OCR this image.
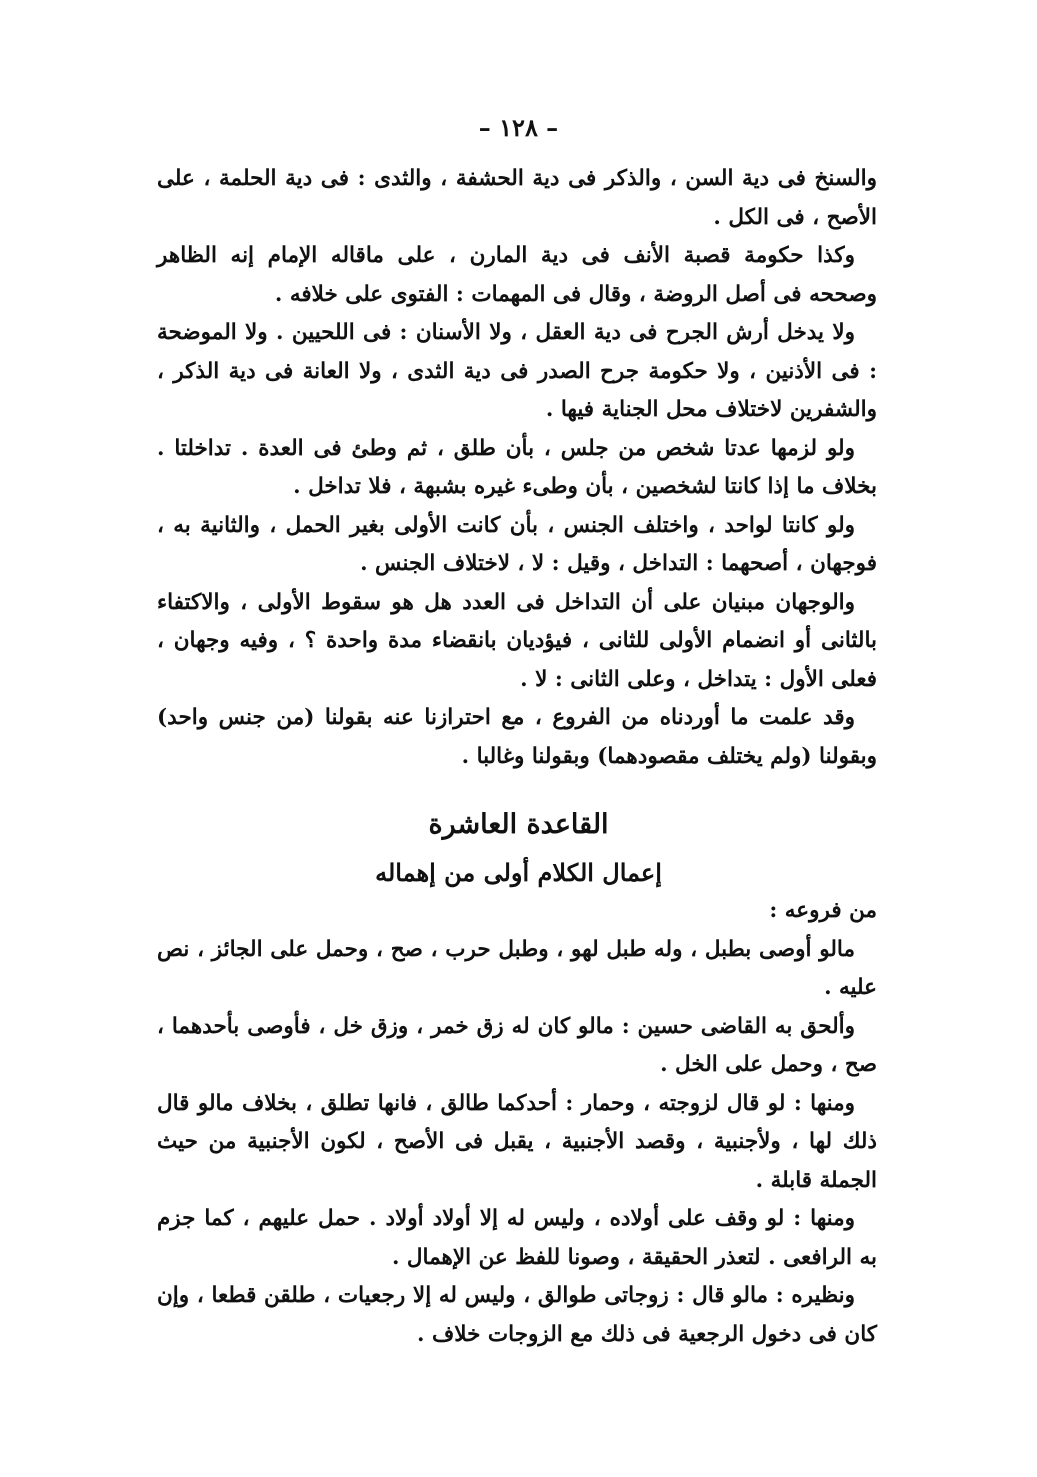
– ١٢٨ –

والسنخ فى دية السن ، والذكر فى دية الحشفة ، والثدى : فى دية الحلمة ، على الأصح ، فى الكل .

وكذا حكومة قصبة الأنف فى دية المارن ، على ماقاله الإمام إنه الظاهر وصححه فى أصل الروضة ، وقال فى المهمات : الفتوى على خلافه .

ولا يدخل أرش الجرح فى دية العقل ، ولا الأسنان : فى اللحيين . ولا الموضحة : فى الأذنين ، ولا حكومة جرح الصدر فى دية الثدى ، ولا العانة فى دية الذكر ، والشفرين لاختلاف محل الجناية فيها .

ولو لزمها عدتا شخص من جلس ، بأن طلق ، ثم وطئ فى العدة . تداخلتا . بخلاف ما إذا كانتا لشخصين ، بأن وطىء غيره بشبهة ، فلا تداخل .

ولو كانتا لواحد ، واختلف الجنس ، بأن كانت الأولى بغير الحمل ، والثانية به ، فوجهان ، أصحهما : التداخل ، وقيل : لا ، لاختلاف الجنس .

والوجهان مبنيان على أن التداخل فى العدد هل هو سقوط الأولى ، والاكتفاء بالثانى أو انضمام الأولى للثانى ، فيؤديان بانقضاء مدة واحدة ؟ ، وفيه وجهان ، فعلى الأول : يتداخل ، وعلى الثانى : لا .

وقد علمت ما أوردناه من الفروع ، مع احترازنا عنه بقولنا (من جنس واحد) وبقولنا (ولم يختلف مقصودهما) وبقولنا وغالبا .

القاعدة العاشرة
إعمال الكلام أولى من إهماله

من فروعه :

مالو أوصى بطبل ، وله طبل لهو ، وطبل حرب ، صح ، وحمل على الجائز ، نص عليه .

وألحق به القاضى حسين : مالو كان له زق خمر ، وزق خل ، فأوصى بأحدهما ، صح ، وحمل على الخل .

ومنها : لو قال لزوجته ، وحمار : أحدكما طالق ، فانها تطلق ، بخلاف مالو قال ذلك لها ، ولأجنبية ، وقصد الأجنبية ، يقبل فى الأصح ، لكون الأجنبية من حيث الجملة قابلة .

ومنها : لو وقف على أولاده ، وليس له إلا أولاد أولاد . حمل عليهم ، كما جزم به الرافعى . لتعذر الحقيقة ، وصونا للفظ عن الإهمال .

ونظيره : مالو قال : زوجاتى طوالق ، وليس له إلا رجعيات ، طلقن قطعا ، وإن كان فى دخول الرجعية فى ذلك مع الزوجات خلاف .
